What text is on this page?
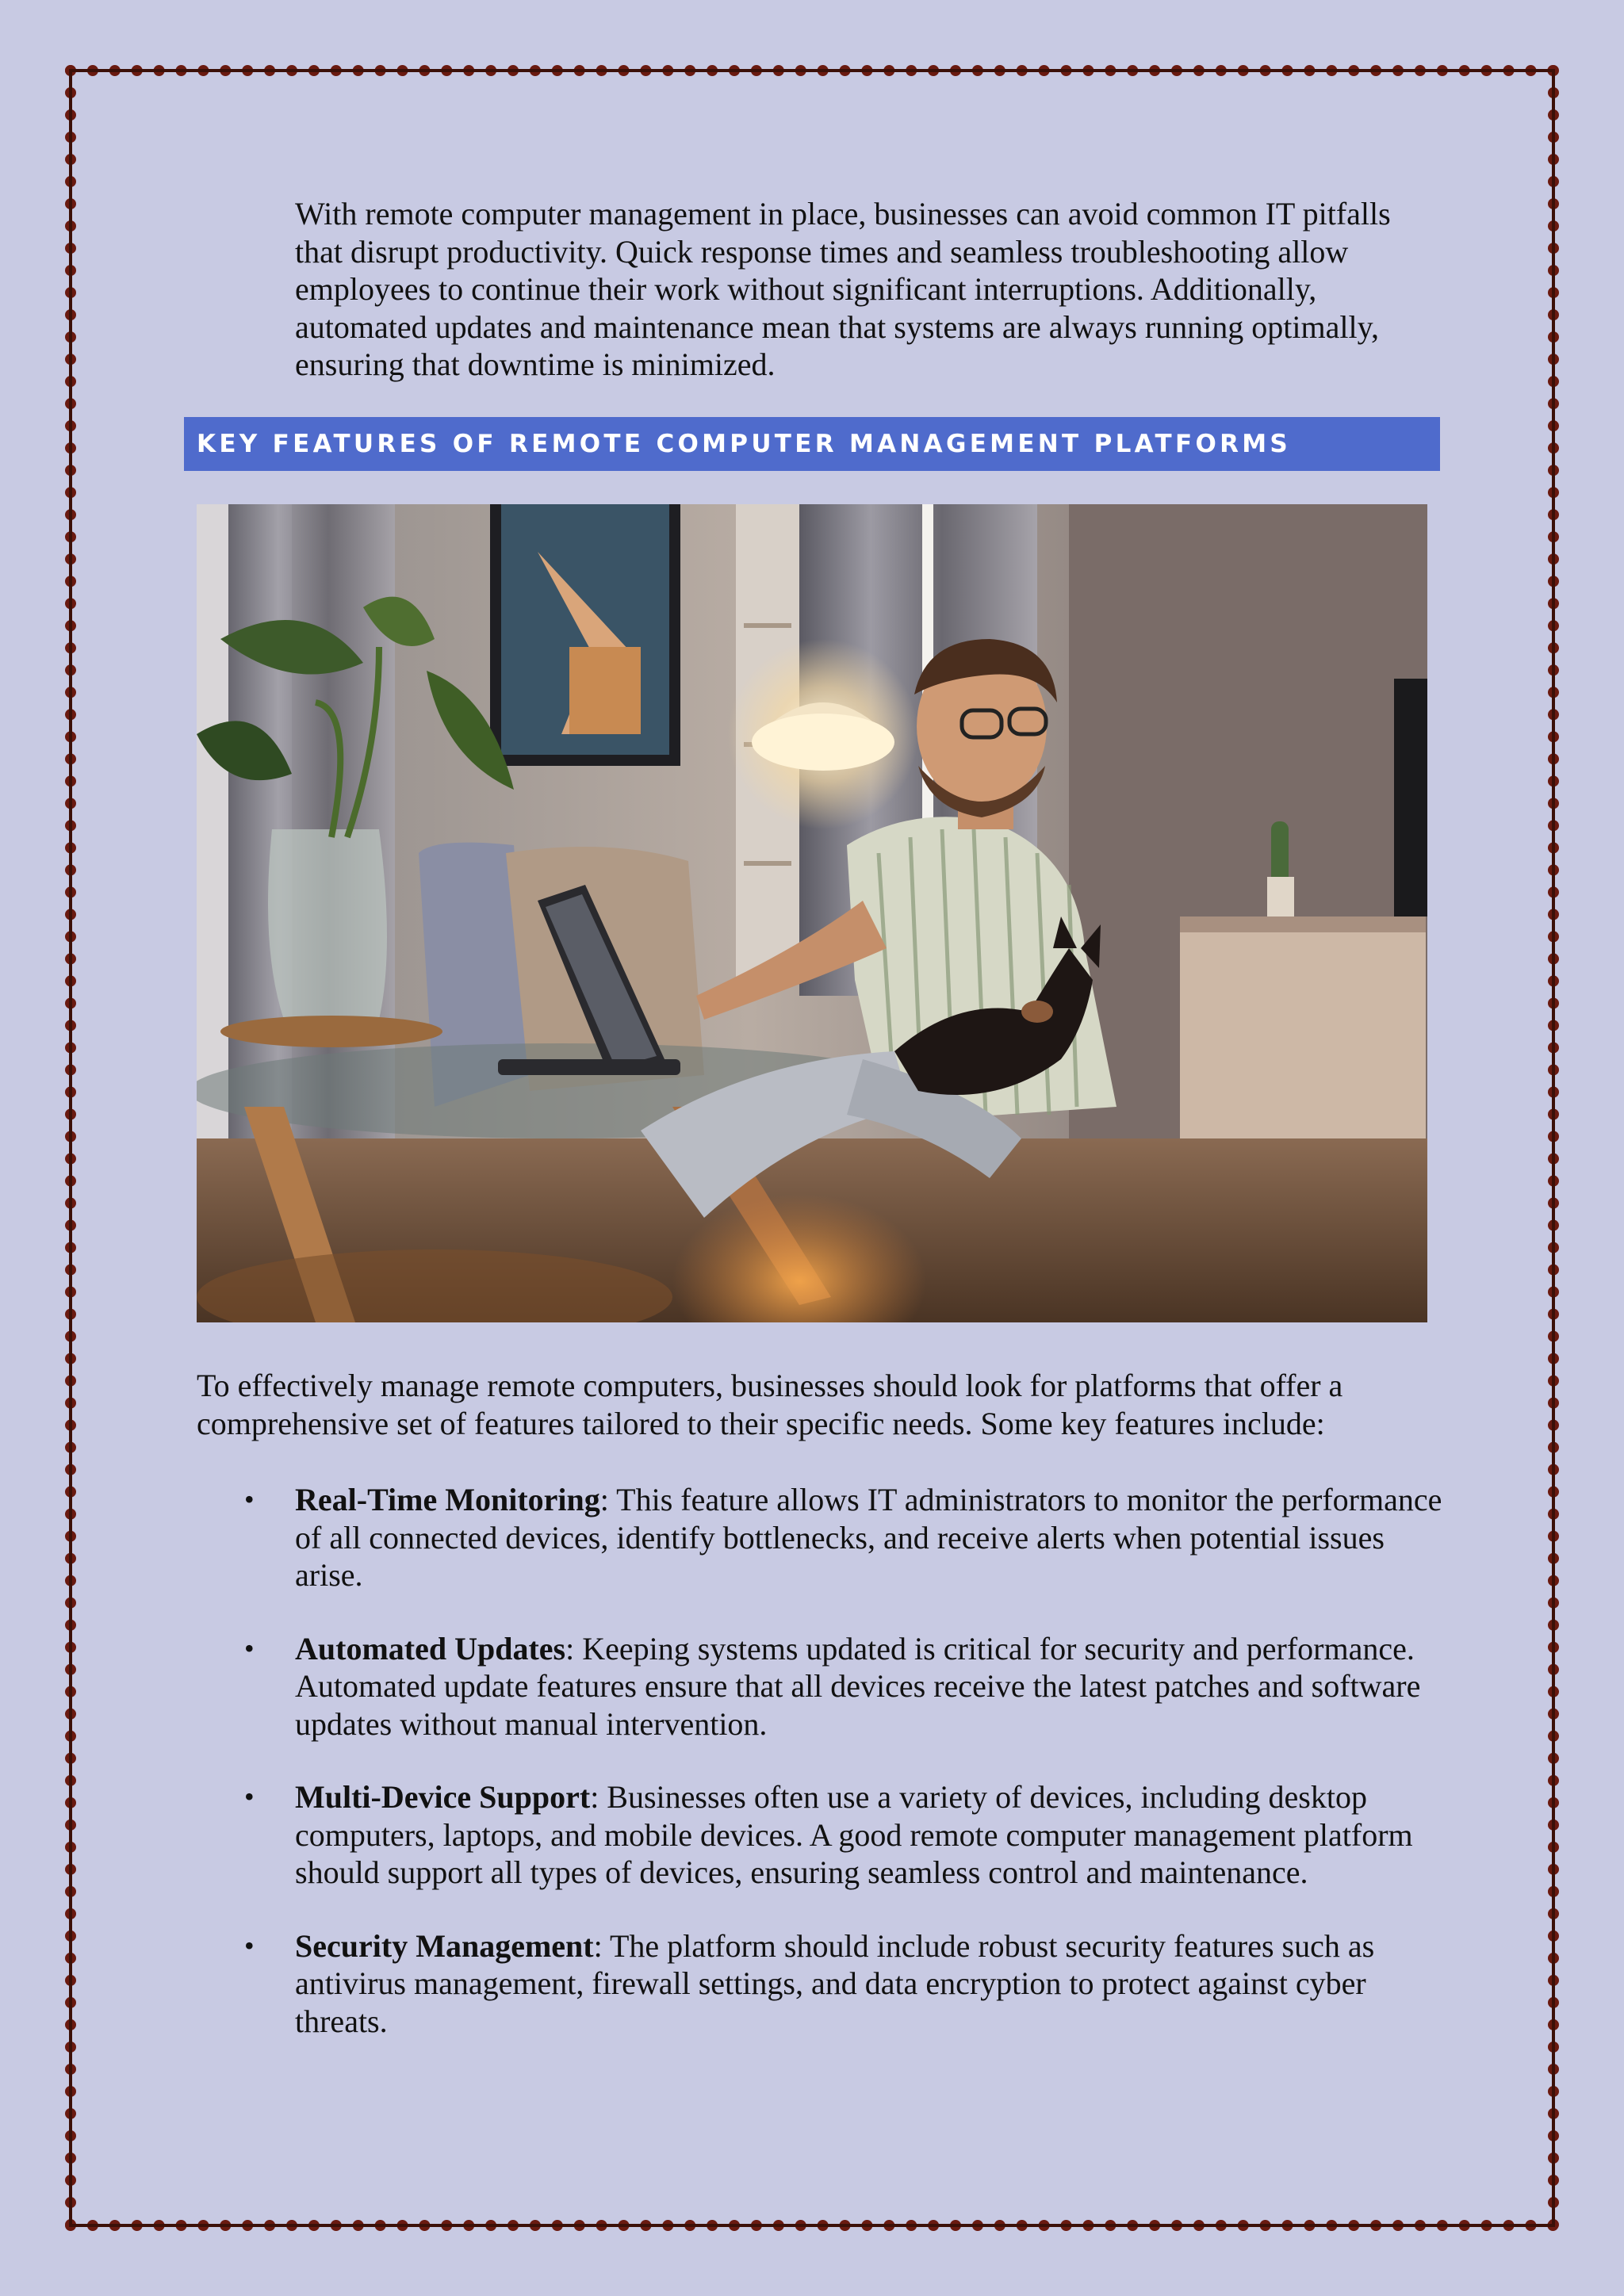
With remote computer management in place, businesses can avoid common IT pitfalls that disrupt productivity. Quick response times and seamless troubleshooting allow employees to continue their work without significant interruptions. Additionally, automated updates and maintenance mean that systems are always running optimally, ensuring that downtime is minimized.

KEY FEATURES OF REMOTE COMPUTER MANAGEMENT PLATFORMS

To effectively manage remote computers, businesses should look for platforms that offer a comprehensive set of features tailored to their specific needs. Some key features include:

• Real-Time Monitoring: This feature allows IT administrators to monitor the performance of all connected devices, identify bottlenecks, and receive alerts when potential issues arise.
• Automated Updates: Keeping systems updated is critical for security and performance. Automated update features ensure that all devices receive the latest patches and software updates without manual intervention.
• Multi-Device Support: Businesses often use a variety of devices, including desktop computers, laptops, and mobile devices. A good remote computer management platform should support all types of devices, ensuring seamless control and maintenance.
• Security Management: The platform should include robust security features such as antivirus management, firewall settings, and data encryption to protect against cyber threats.
